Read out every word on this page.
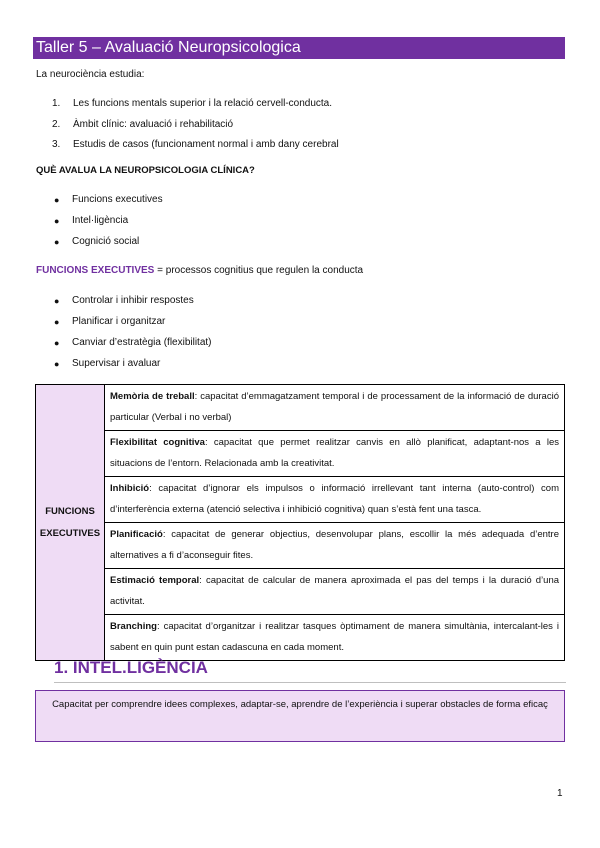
Taller 5 – Avaluació Neuropsicologica
La neurociència estudia:
1.	Les funcions mentals superior i la relació cervell-conducta.
2.	Àmbit clínic: avaluació i rehabilitació
3.	Estudis de casos (funcionament normal i amb dany cerebral
QUÈ AVALUA LA NEUROPSICOLOGIA CLÍNICA?
●	Funcions executives
●	Intel·ligència
●	Cognició social
FUNCIONS EXECUTIVES = processos cognitius que regulen la conducta
●	Controlar i inhibir respostes
●	Planificar i organitzar
●	Canviar d’estratègia (flexibilitat)
●	Supervisar i avaluar
FUNCIONS
EXECUTIVES
	Memòria de treball: capacitat d’emmagatzament temporal i de processament de la informació de duració particular (Verbal i no verbal)
Flexibilitat cognitiva: capacitat que permet realitzar canvis en allò planificat, adaptant-nos a les situacions de l’entorn. Relacionada amb la creativitat.
Inhibició: capacitat d’ignorar els impulsos o informació irrellevant tant interna (auto-control) com d’interferència externa (atenció selectiva i inhibició cognitiva) quan s’està fent una tasca.
Planificació: capacitat de generar objectius, desenvolupar plans, escollir la més adequada d’entre alternatives a fi d’aconseguir fites.
Estimació temporal: capacitat de calcular de manera aproximada el pas del temps i la duració d’una activitat.
Branching: capacitat d’organitzar i realitzar tasques òptimament de manera simultània, intercalant-les i sabent en quin punt estan cadascuna en cada moment.
1. INTEL.LIGÈNCIA
Capacitat per comprendre idees complexes, adaptar-se, aprendre de l’experiència i superar obstacles de forma eficaç
1
